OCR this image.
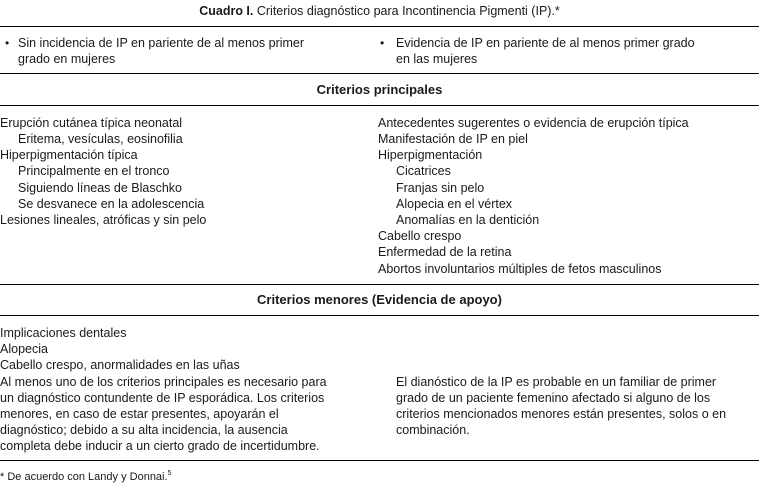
Cuadro I. Criterios diagnóstico para Incontinencia Pigmenti (IP).*
• Sin incidencia de IP en pariente de al menos primer
grado en mujeres
• Evidencia de IP en pariente de al menos primer grado
en las mujeres
Criterios principales
Erupción cutánea típica neonatal
Eritema, vesículas, eosinofilia
Hiperpigmentación típica
Principalmente en el tronco
Siguiendo líneas de Blaschko
Se desvanece en la adolescencia
Lesiones lineales, atróficas y sin pelo
Antecedentes sugerentes o evidencia de erupción típica
Manifestación de IP en piel
Hiperpigmentación
Cicatrices
Franjas sin pelo
Alopecia en el vértex
Anomalías en la dentición
Cabello crespo
Enfermedad de la retina
Abortos involuntarios múltiples de fetos masculinos
Criterios menores (Evidencia de apoyo)
Implicaciones dentales
Alopecia
Cabello crespo, anormalidades en las uñas
Al menos uno de los criterios principales es necesario para
un diagnóstico contundente de IP esporádica. Los criterios
menores, en caso de estar presentes, apoyarán el
diagnóstico; debido a su alta incidencia, la ausencia
completa debe inducir a un cierto grado de incertidumbre.
El dianóstico de la IP es probable en un familiar de primer
grado de un paciente femenino afectado si alguno de los
criterios mencionados menores están presentes, solos o en
combinación.
* De acuerdo con Landy y Donnai.$^5$
